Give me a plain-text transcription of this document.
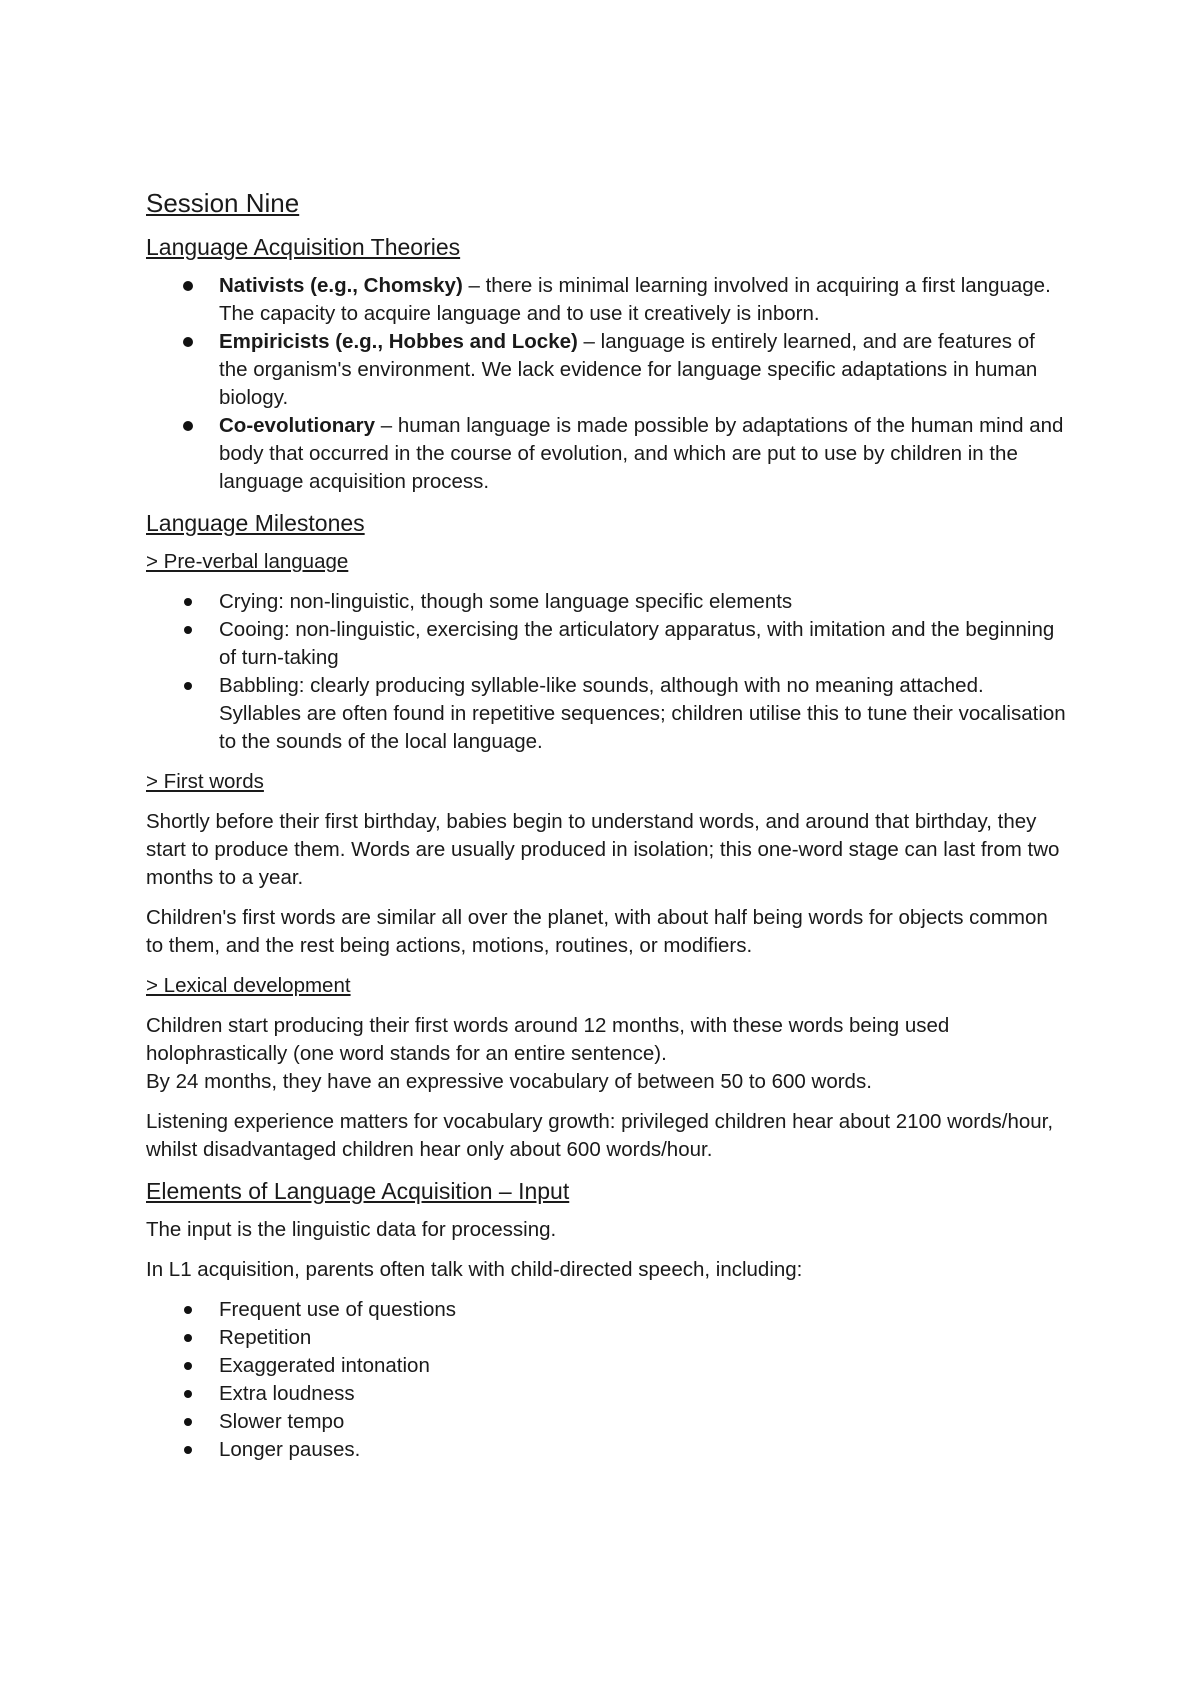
Session Nine
Language Acquisition Theories
Nativists (e.g., Chomsky) – there is minimal learning involved in acquiring a first language. The capacity to acquire language and to use it creatively is inborn.
Empiricists (e.g., Hobbes and Locke) – language is entirely learned, and are features of the organism's environment. We lack evidence for language specific adaptations in human biology.
Co-evolutionary – human language is made possible by adaptations of the human mind and body that occurred in the course of evolution, and which are put to use by children in the language acquisition process.
Language Milestones
> Pre-verbal language
Crying: non-linguistic, though some language specific elements
Cooing: non-linguistic, exercising the articulatory apparatus, with imitation and the beginning of turn-taking
Babbling: clearly producing syllable-like sounds, although with no meaning attached. Syllables are often found in repetitive sequences; children utilise this to tune their vocalisation to the sounds of the local language.
> First words

Shortly before their first birthday, babies begin to understand words, and around that birthday, they start to produce them. Words are usually produced in isolation; this one-word stage can last from two months to a year.

Children's first words are similar all over the planet, with about half being words for objects common to them, and the rest being actions, motions, routines, or modifiers.

> Lexical development

Children start producing their first words around 12 months, with these words being used holophrastically (one word stands for an entire sentence).
By 24 months, they have an expressive vocabulary of between 50 to 600 words.

Listening experience matters for vocabulary growth: privileged children hear about 2100 words/hour, whilst disadvantaged children hear only about 600 words/hour.

Elements of Language Acquisition – Input

The input is the linguistic data for processing.

In L1 acquisition, parents often talk with child-directed speech, including:

Frequent use of questions
Repetition
Exaggerated intonation
Extra loudness
Slower tempo
Longer pauses.
